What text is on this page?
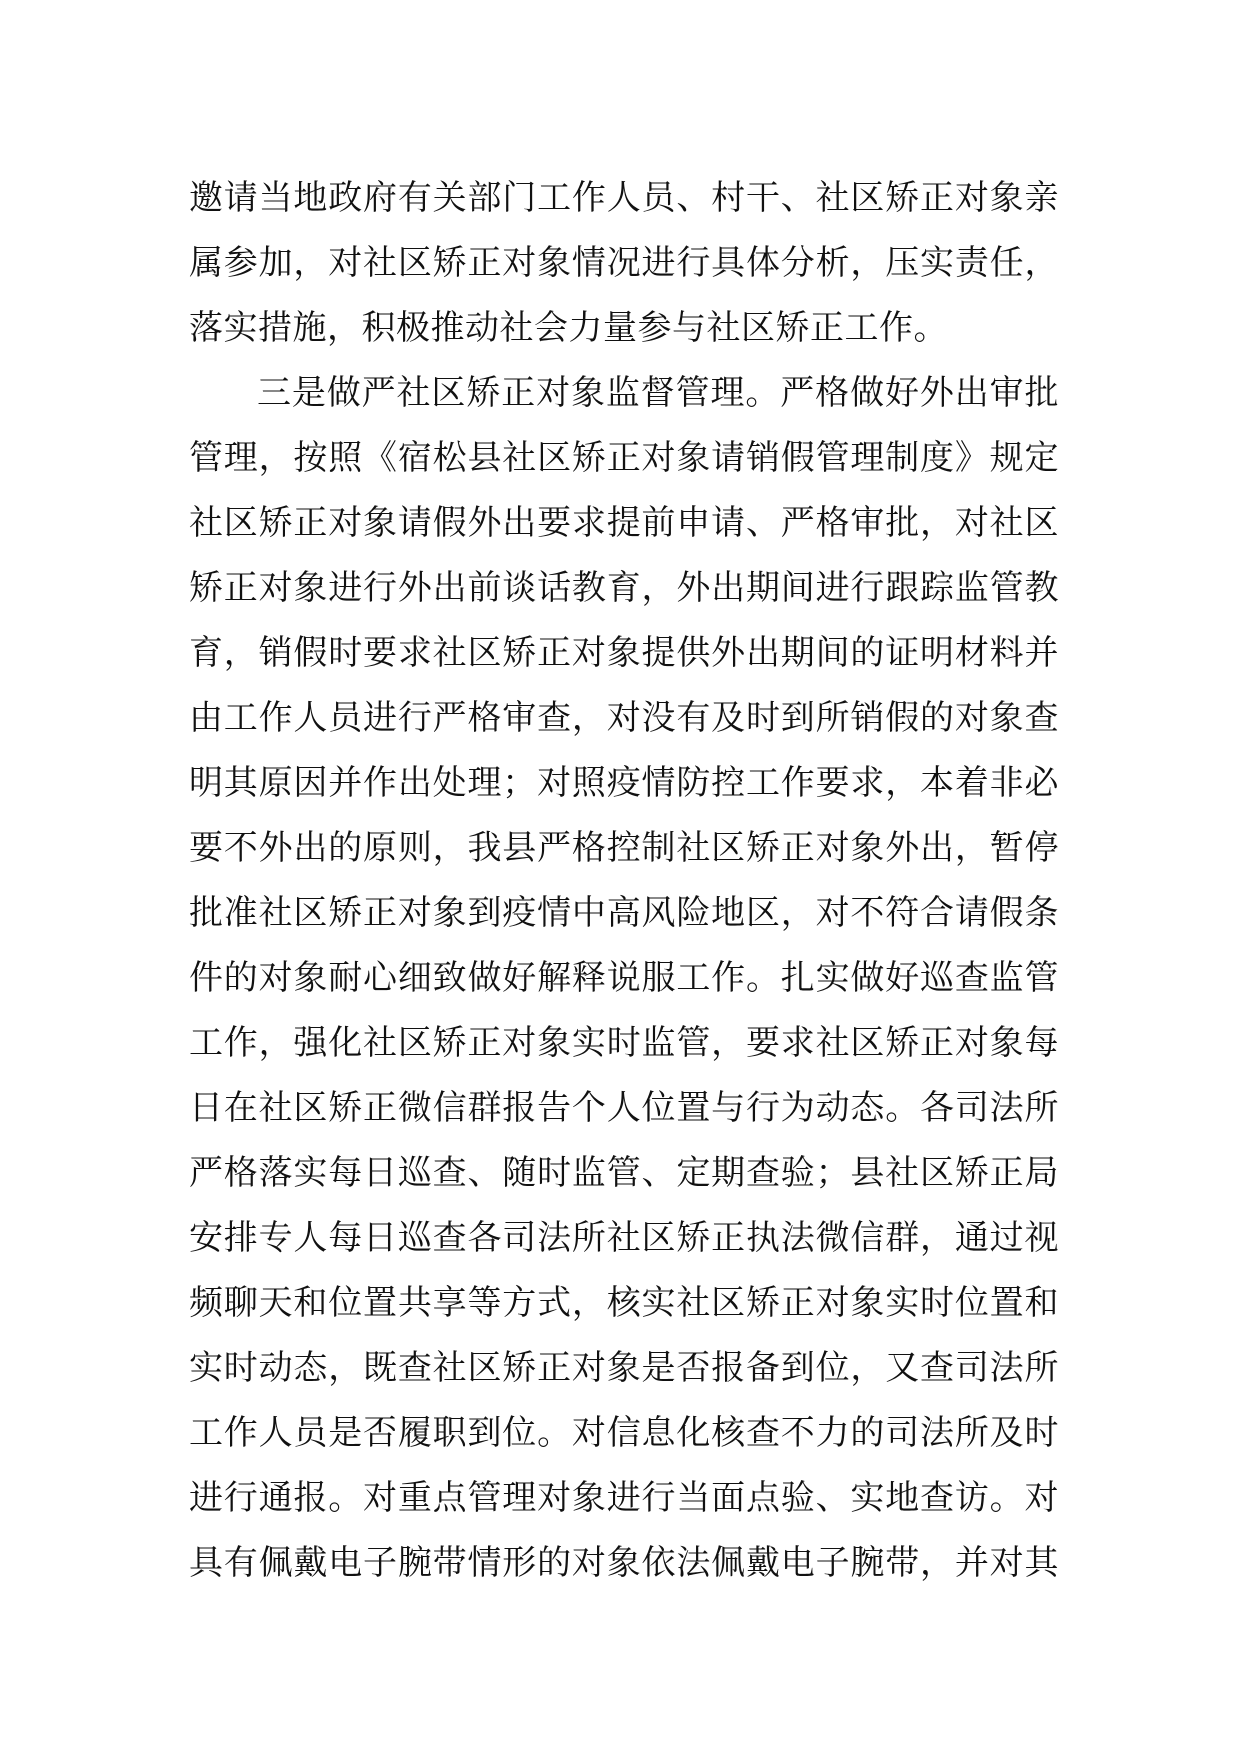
邀请当地政府有关部门工作人员、村干、社区矫正对象亲
属参加，对社区矫正对象情况进行具体分析，压实责任，
落实措施，积极推动社会力量参与社区矫正工作。
三是做严社区矫正对象监督管理。严格做好外出审批
管理，按照《宿松县社区矫正对象请销假管理制度》规定
社区矫正对象请假外出要求提前申请、严格审批，对社区
矫正对象进行外出前谈话教育，外出期间进行跟踪监管教
育，销假时要求社区矫正对象提供外出期间的证明材料并
由工作人员进行严格审查，对没有及时到所销假的对象查
明其原因并作出处理；对照疫情防控工作要求，本着非必
要不外出的原则，我县严格控制社区矫正对象外出，暂停
批准社区矫正对象到疫情中高风险地区，对不符合请假条
件的对象耐心细致做好解释说服工作。扎实做好巡查监管
工作，强化社区矫正对象实时监管，要求社区矫正对象每
日在社区矫正微信群报告个人位置与行为动态。各司法所
严格落实每日巡查、随时监管、定期查验；县社区矫正局
安排专人每日巡查各司法所社区矫正执法微信群，通过视
频聊天和位置共享等方式，核实社区矫正对象实时位置和
实时动态，既查社区矫正对象是否报备到位，又查司法所
工作人员是否履职到位。对信息化核查不力的司法所及时
进行通报。对重点管理对象进行当面点验、实地查访。对
具有佩戴电子腕带情形的对象依法佩戴电子腕带，并对其
